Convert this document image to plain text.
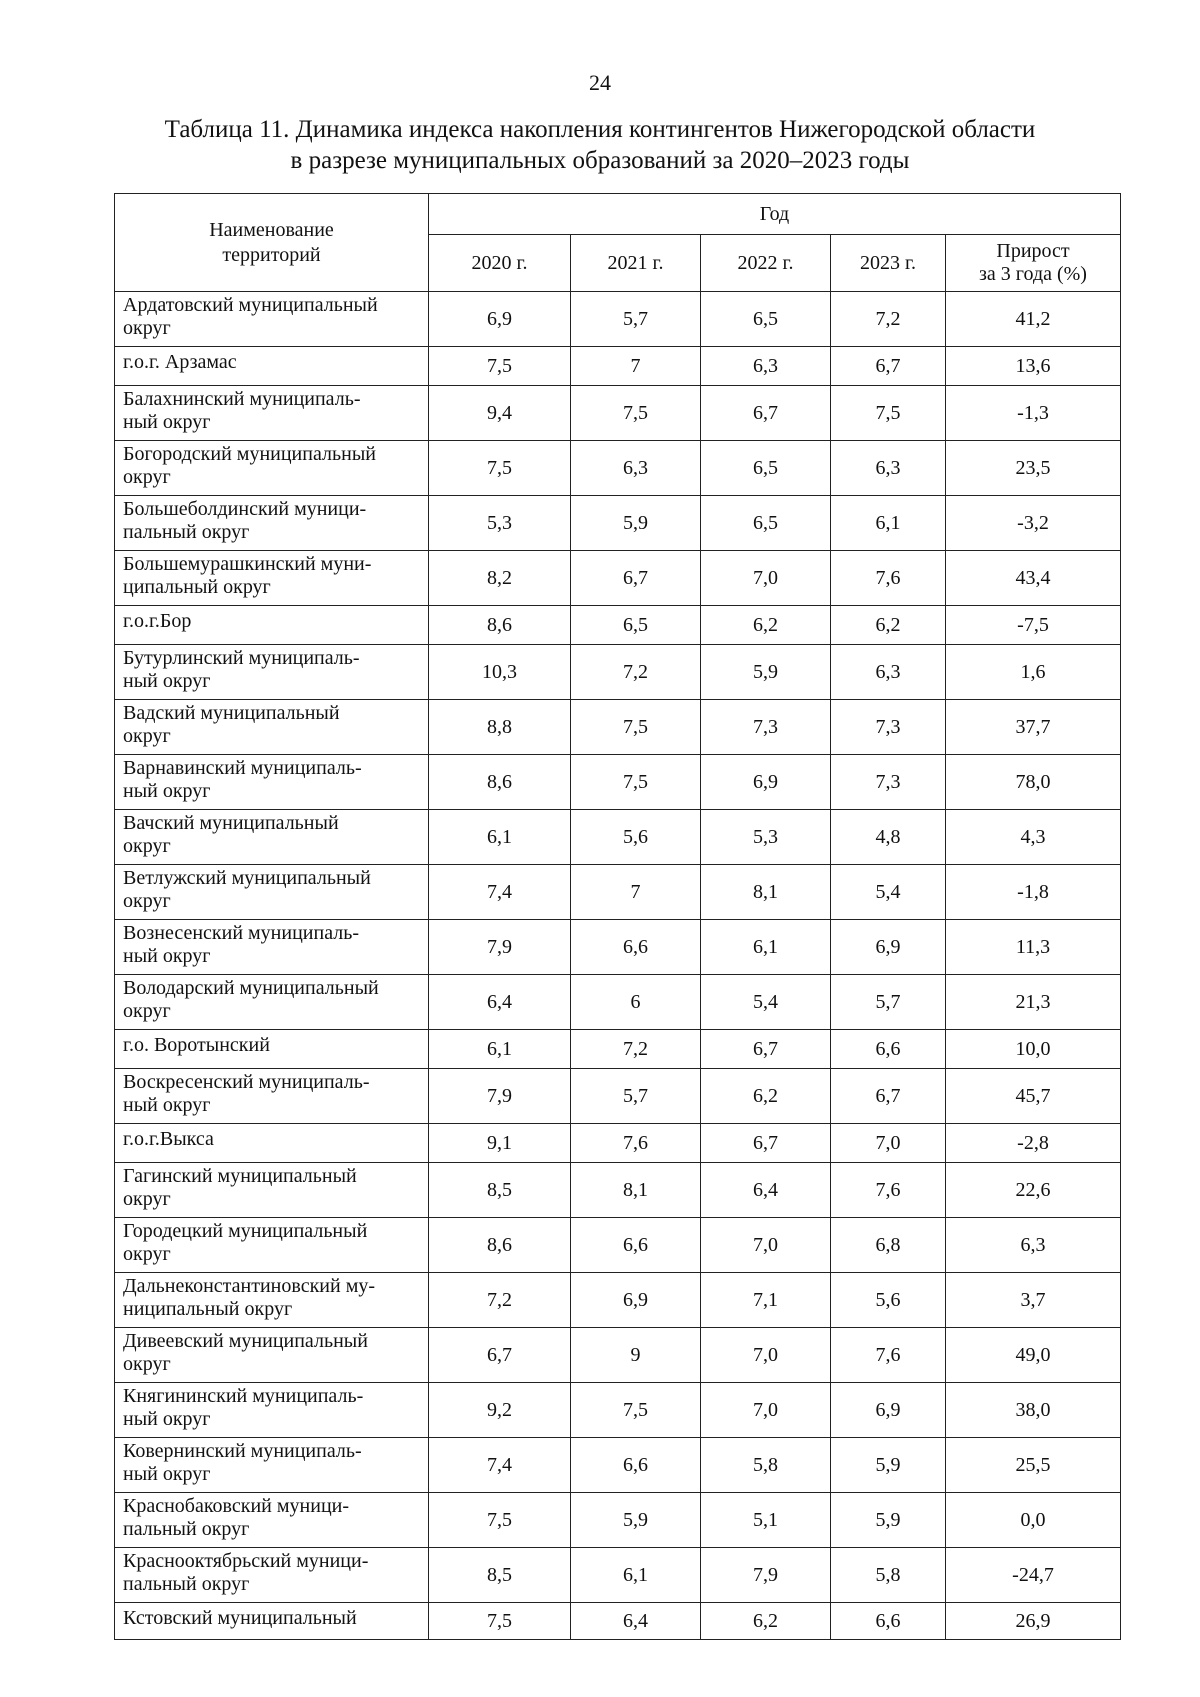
24
Таблица 11. Динамика индекса накопления контингентов Нижегородской области
в разрезе муниципальных образований за 2020–2023 годы
Наименование
территорий	Год				
	2020 г.	2021 г.	2022 г.	2023 г.	Прирост
за 3 года (%)

Ардатовский муниципальный
округ	6,9	5,7	6,5	7,2	41,2

г.о.г. Арзамас	7,5	7	6,3	6,7	13,6

Балахнинский муниципаль-
ный округ	9,4	7,5	6,7	7,5	-1,3

Богородский муниципальный
округ	7,5	6,3	6,5	6,3	23,5

Большеболдинский муници-
пальный округ	5,3	5,9	6,5	6,1	-3,2

Большемурашкинский муни-
ципальный округ	8,2	6,7	7,0	7,6	43,4

г.о.г.Бор	8,6	6,5	6,2	6,2	-7,5

Бутурлинский муниципаль-
ный округ	10,3	7,2	5,9	6,3	1,6

Вадский муниципальный
округ	8,8	7,5	7,3	7,3	37,7

Варнавинский муниципаль-
ный округ	8,6	7,5	6,9	7,3	78,0

Вачский муниципальный
округ	6,1	5,6	5,3	4,8	4,3

Ветлужский муниципальный
округ	7,4	7	8,1	5,4	-1,8

Вознесенский муниципаль-
ный округ	7,9	6,6	6,1	6,9	11,3

Володарский муниципальный
округ	6,4	6	5,4	5,7	21,3

г.о. Воротынский	6,1	7,2	6,7	6,6	10,0

Воскресенский муниципаль-
ный округ	7,9	5,7	6,2	6,7	45,7

г.о.г.Выкса	9,1	7,6	6,7	7,0	-2,8

Гагинский муниципальный
округ	8,5	8,1	6,4	7,6	22,6

Городецкий муниципальный
округ	8,6	6,6	7,0	6,8	6,3

Дальнеконстантиновский му-
ниципальный округ	7,2	6,9	7,1	5,6	3,7

Дивеевский муниципальный
округ	6,7	9	7,0	7,6	49,0

Княгининский муниципаль-
ный округ	9,2	7,5	7,0	6,9	38,0

Ковернинский муниципаль-
ный округ	7,4	6,6	5,8	5,9	25,5

Краснобаковский муници-
пальный округ	7,5	5,9	5,1	5,9	0,0

Краснооктябрьский муници-
пальный округ	8,5	6,1	7,9	5,8	-24,7

Кстовский муниципальный	7,5	6,4	6,2	6,6	26,9
